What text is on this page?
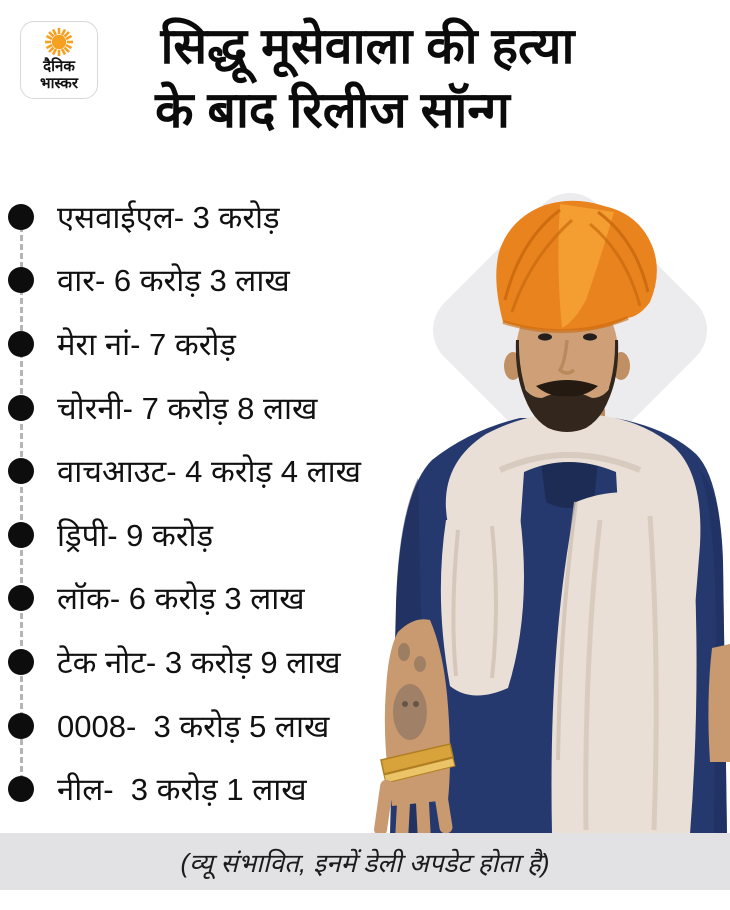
दैनिक
भास्कर
सिद्धू मूसेवाला की हत्या
के बाद रिलीज सॉन्ग
एसवाईएल- 3 करोड़
वार- 6 करोड़ 3 लाख
मेरा नां- 7 करोड़
चोरनी- 7 करोड़ 8 लाख
वाचआउट- 4 करोड़ 4 लाख
ड्रिपी- 9 करोड़
लॉक- 6 करोड़ 3 लाख
टेक नोट- 3 करोड़ 9 लाख
0008-  3 करोड़ 5 लाख
नील-  3 करोड़ 1 लाख

(व्यू संभावित, इनमें डेली अपडेट होता है)
